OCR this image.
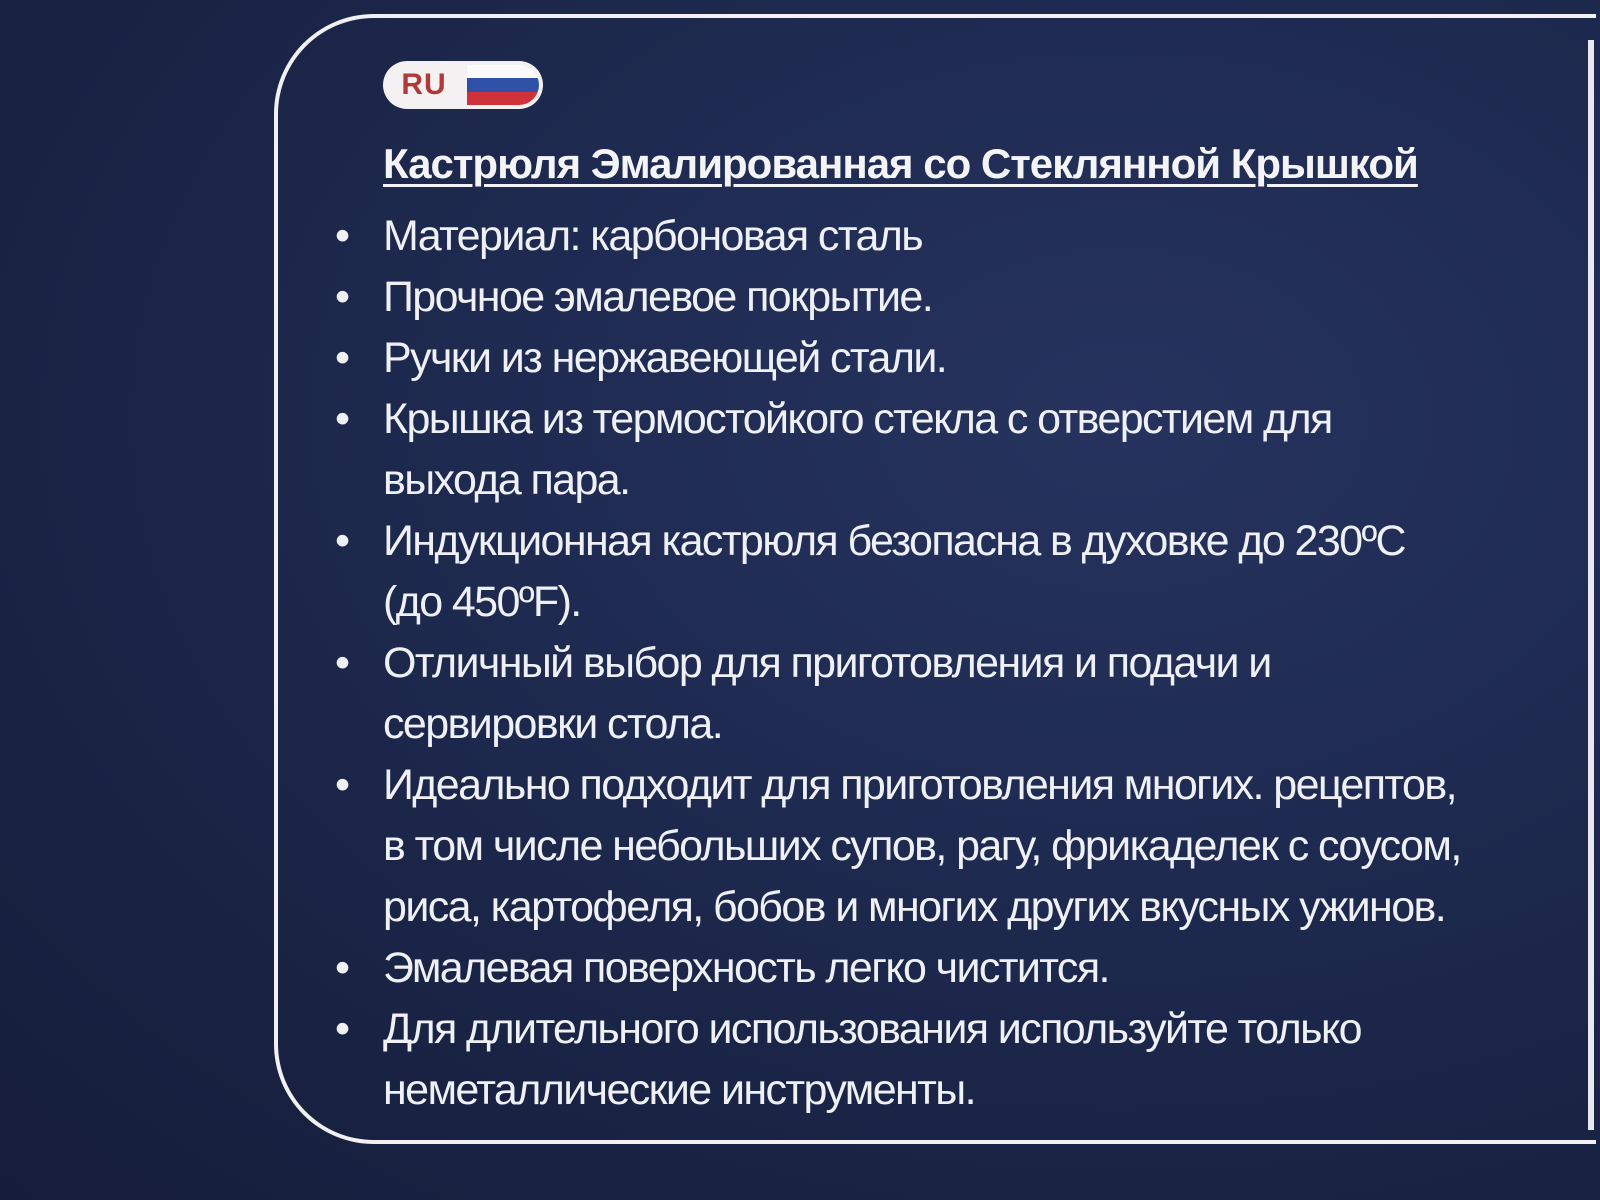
RU
Кастрюля Эмалированная со Стеклянной Крышкой
• Материал: карбоновая сталь
• Прочное эмалевое покрытие.
• Ручки из нержавеющей стали.
• Крышка из термостойкого стекла с отверстием для
выхода пара.
• Индукционная кастрюля безопасна в духовке до 230ºС
(до 450ºF).
• Отличный выбор для приготовления и подачи и
сервировки стола.
• Идеально подходит для приготовления многих. рецептов,
в том числе небольших супов, рагу, фрикаделек с соусом,
риса, картофеля, бобов и многих других вкусных ужинов.
• Эмалевая поверхность легко чистится.
• Для длительного использования используйте только
неметаллические инструменты.
